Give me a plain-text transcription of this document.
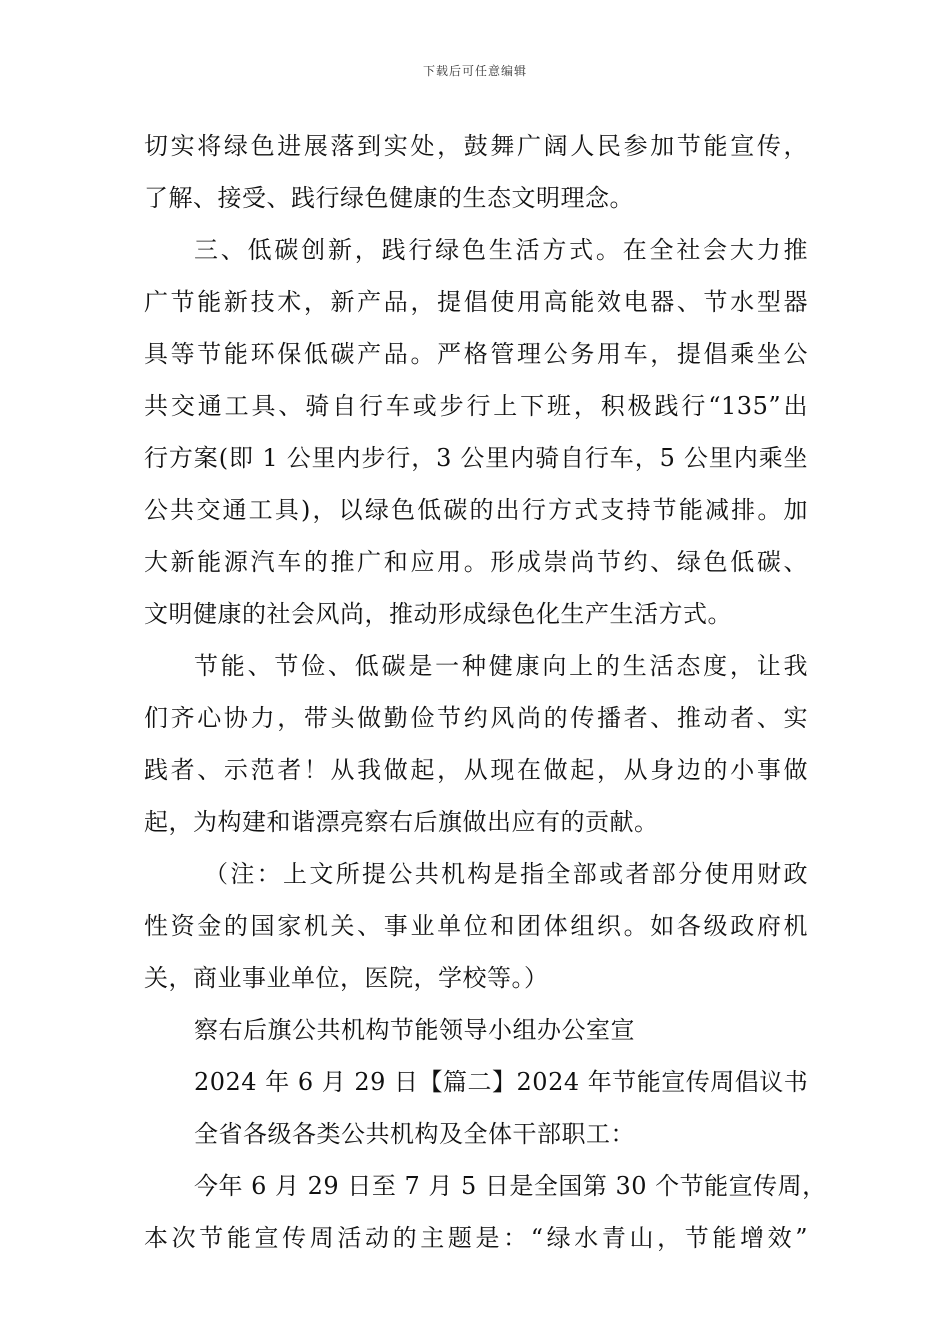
下载后可任意编辑
切实将绿色进展落到实处，鼓舞广阔人民参加节能宣传，
了解、接受、践行绿色健康的生态文明理念。
三、低碳创新，践行绿色生活方式。在全社会大力推
广节能新技术，新产品，提倡使用高能效电器、节水型器
具等节能环保低碳产品。严格管理公务用车，提倡乘坐公
共交通工具、骑自行车或步行上下班，积极践行“135”出
行方案(即 1 公里内步行，3 公里内骑自行车，5 公里内乘坐
公共交通工具)，以绿色低碳的出行方式支持节能减排。加
大新能源汽车的推广和应用。形成崇尚节约、绿色低碳、
文明健康的社会风尚，推动形成绿色化生产生活方式。
节能、节俭、低碳是一种健康向上的生活态度，让我
们齐心协力，带头做勤俭节约风尚的传播者、推动者、实
践者、示范者！从我做起，从现在做起，从身边的小事做
起，为构建和谐漂亮察右后旗做出应有的贡献。
（注：上文所提公共机构是指全部或者部分使用财政
性资金的国家机关、事业单位和团体组织。如各级政府机
关，商业事业单位，医院，学校等。）
察右后旗公共机构节能领导小组办公室宣
2024 年 6 月 29 日【篇二】2024 年节能宣传周倡议书
全省各级各类公共机构及全体干部职工：
今年 6 月 29 日至 7 月 5 日是全国第 30 个节能宣传周，
本次节能宣传周活动的主题是：“绿水青山，节能增效”
